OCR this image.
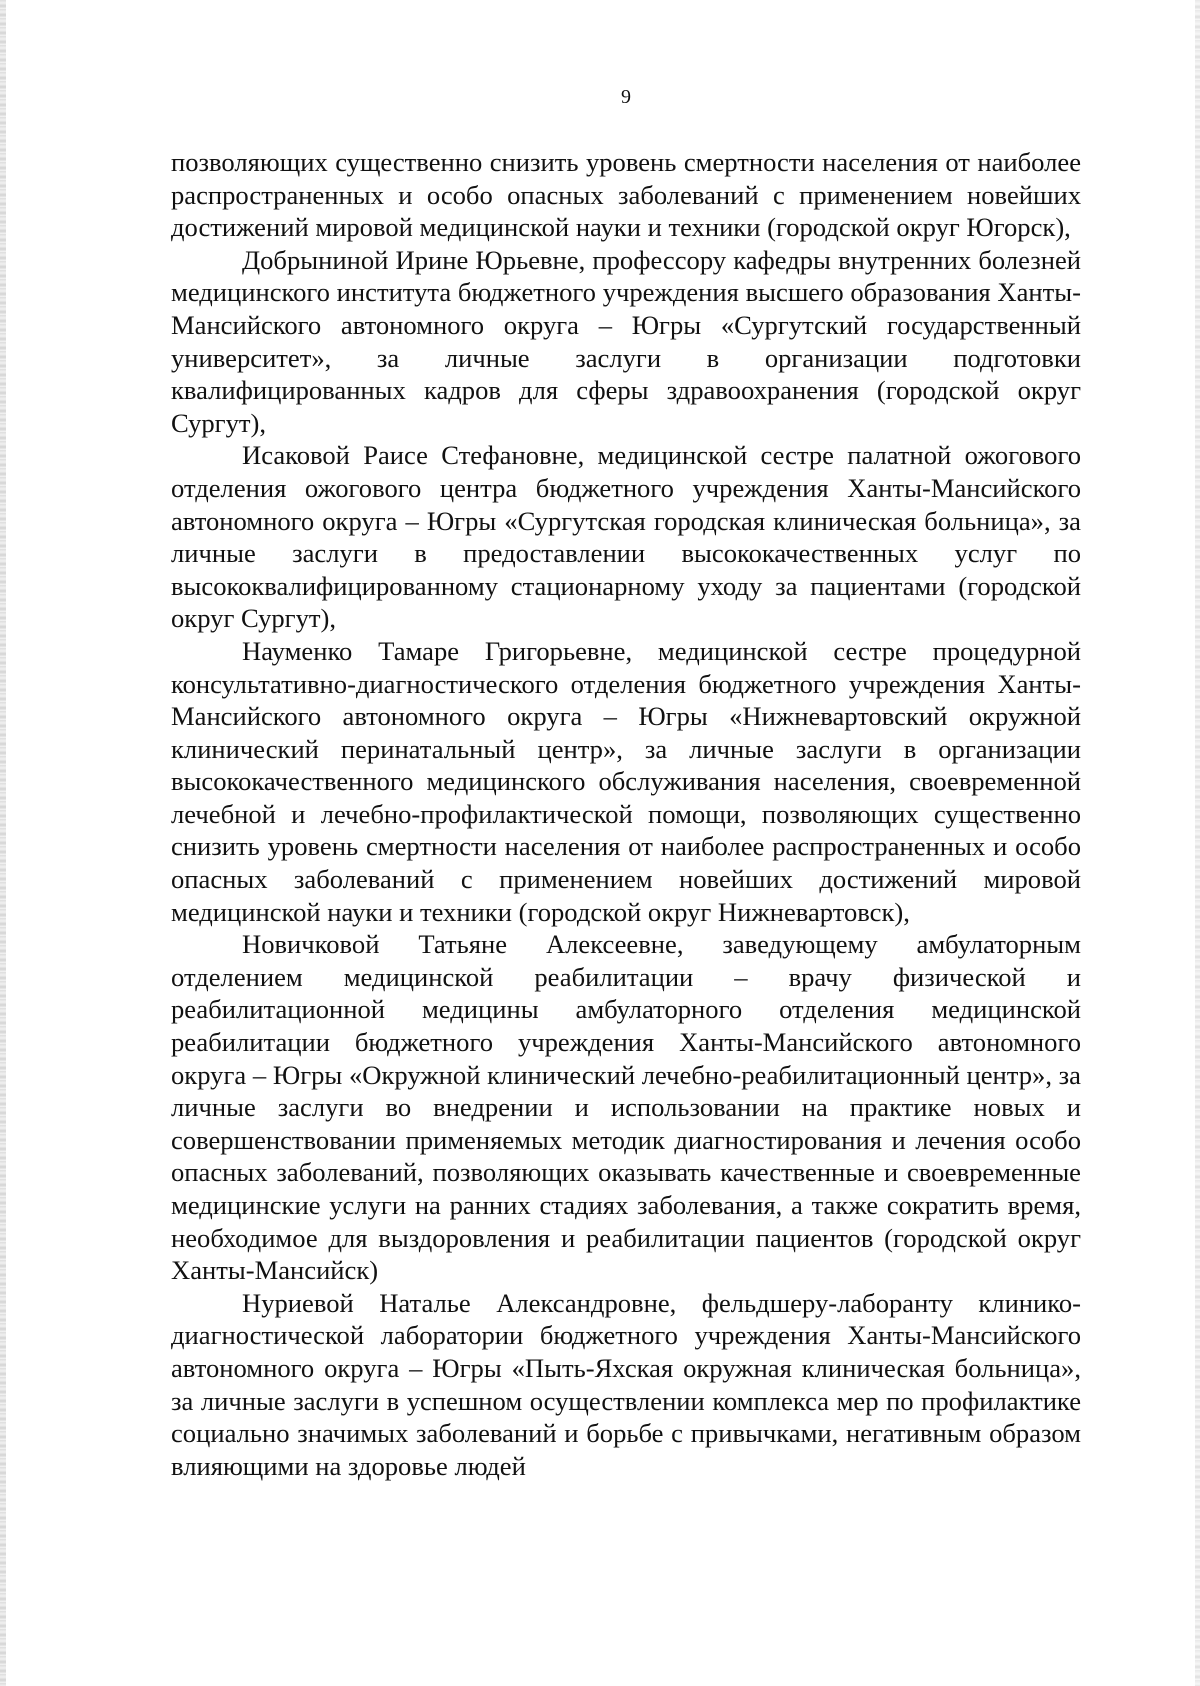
9

позволяющих существенно снизить уровень смертности населения от наиболее распространенных и особо опасных заболеваний с применением новейших достижений мировой медицинской науки и техники (городской округ Югорск),

Добрыниной Ирине Юрьевне, профессору кафедры внутренних болезней медицинского института бюджетного учреждения высшего образования Ханты-Мансийского автономного округа – Югры «Сургутский государственный университет», за личные заслуги в организации подготовки квалифицированных кадров для сферы здравоохранения (городской округ Сургут),

Исаковой Раисе Стефановне, медицинской сестре палатной ожогового отделения ожогового центра бюджетного учреждения Ханты-Мансийского автономного округа – Югры «Сургутская городская клиническая больница», за личные заслуги в предоставлении высококачественных услуг по высококвалифицированному стационарному уходу за пациентами (городской округ Сургут),

Науменко Тамаре Григорьевне, медицинской сестре процедурной консультативно-диагностического отделения бюджетного учреждения Ханты-Мансийского автономного округа – Югры «Нижневартовский окружной клинический перинатальный центр», за личные заслуги в организации высококачественного медицинского обслуживания населения, своевременной лечебной и лечебно-профилактической помощи, позволяющих существенно снизить уровень смертности населения от наиболее распространенных и особо опасных заболеваний с применением новейших достижений мировой медицинской науки и техники (городской округ Нижневартовск),

Новичковой Татьяне Алексеевне, заведующему амбулаторным отделением медицинской реабилитации – врачу физической и реабилитационной медицины амбулаторного отделения медицинской реабилитации бюджетного учреждения Ханты-Мансийского автономного округа – Югры «Окружной клинический лечебно-реабилитационный центр», за личные заслуги во внедрении и использовании на практике новых и совершенствовании применяемых методик диагностирования и лечения особо опасных заболеваний, позволяющих оказывать качественные и своевременные медицинские услуги на ранних стадиях заболевания, а также сократить время, необходимое для выздоровления и реабилитации пациентов (городской округ Ханты-Мансийск)

Нуриевой Наталье Александровне, фельдшеру-лаборанту клинико-диагностической лаборатории бюджетного учреждения Ханты-Мансийского автономного округа – Югры «Пыть-Яхская окружная клиническая больница», за личные заслуги в успешном осуществлении комплекса мер по профилактике социально значимых заболеваний и борьбе с привычками, негативным образом влияющими на здоровье людей
